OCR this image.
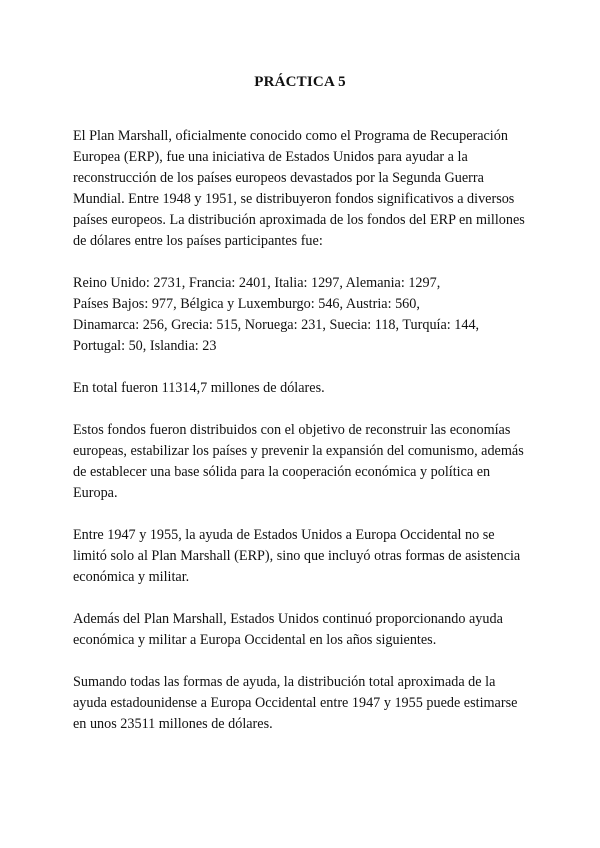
PRÁCTICA 5

El Plan Marshall, oficialmente conocido como el Programa de Recuperación
Europea (ERP), fue una iniciativa de Estados Unidos para ayudar a la
reconstrucción de los países europeos devastados por la Segunda Guerra
Mundial. Entre 1948 y 1951, se distribuyeron fondos significativos a diversos
países europeos. La distribución aproximada de los fondos del ERP en millones
de dólares entre los países participantes fue:

Reino Unido: 2731, Francia: 2401, Italia: 1297, Alemania: 1297,
Países Bajos: 977, Bélgica y Luxemburgo: 546, Austria: 560,
Dinamarca: 256, Grecia: 515, Noruega: 231, Suecia: 118, Turquía: 144,
Portugal: 50, Islandia: 23

En total fueron 11314,7 millones de dólares.

Estos fondos fueron distribuidos con el objetivo de reconstruir las economías
europeas, estabilizar los países y prevenir la expansión del comunismo, además
de establecer una base sólida para la cooperación económica y política en
Europa.

Entre 1947 y 1955, la ayuda de Estados Unidos a Europa Occidental no se
limitó solo al Plan Marshall (ERP), sino que incluyó otras formas de asistencia
económica y militar.

Además del Plan Marshall, Estados Unidos continuó proporcionando ayuda
económica y militar a Europa Occidental en los años siguientes.

Sumando todas las formas de ayuda, la distribución total aproximada de la
ayuda estadounidense a Europa Occidental entre 1947 y 1955 puede estimarse
en unos 23511 millones de dólares.
